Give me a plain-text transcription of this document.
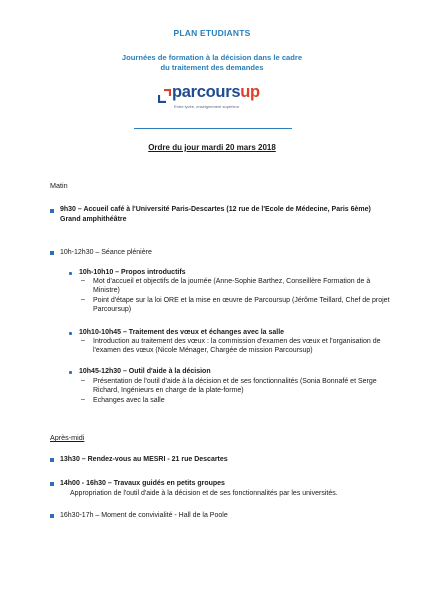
PLAN ETUDIANTS
Journées de formation à la décision dans le cadre
du traitement des demandes
parcoursup
Entre lycée, enseignement supérieur
Ordre du jour mardi 20 mars 2018
Matin
9h30 – Accueil café à l'Université Paris-Descartes (12 rue de l'Ecole de Médecine, Paris 6ème)
Grand amphithéâtre
10h-12h30 – Séance plénière
10h-10h10 – Propos introductifs
– Mot d'accueil et objectifs de la journée (Anne-Sophie Barthez, Conseillère Formation de à
Ministre)
– Point d'étape sur la loi ORE et la mise en œuvre de Parcoursup (Jérôme Teillard, Chef de projet
Parcoursup)
10h10-10h45 – Traitement des vœux et échanges avec la salle
– Introduction au traitement des vœux : la commission d'examen des vœux et l'organisation de
l'examen des vœux (Nicole Ménager, Chargée de mission Parcoursup)
10h45-12h30 – Outil d'aide à la décision
– Présentation de l'outil d'aide à la décision et de ses fonctionnalités (Sonia Bonnafé et Serge
Richard, Ingénieurs en charge de la plate-forme)
– Echanges avec la salle
Après-midi
13h30 – Rendez-vous au MESRI - 21 rue Descartes
14h00 - 16h30 – Travaux guidés en petits groupes
Appropriation de l'outil d'aide à la décision et de ses fonctionnalités par les universités.
16h30-17h – Moment de convivialité - Hall de la Poole
